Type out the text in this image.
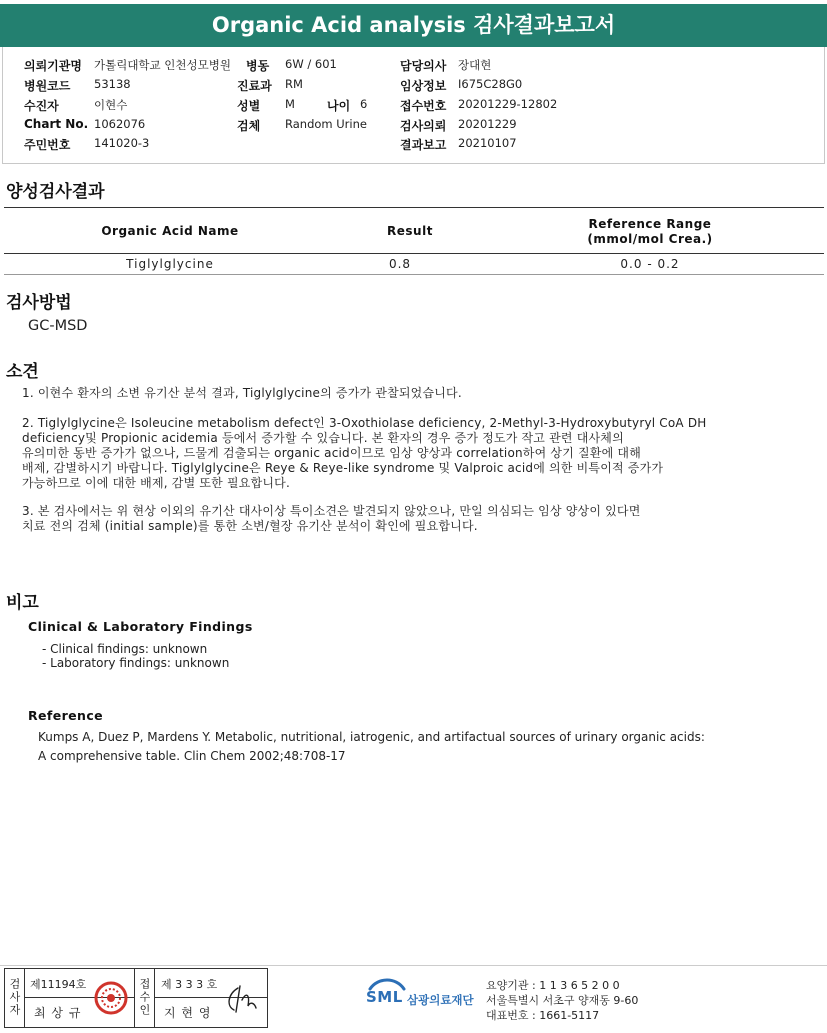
Organic Acid analysis 검사결과보고서
의뢰기관명 가톨릭대학교 인천성모병원 병동 6W / 601	담당의사 장대현
병원코드 53138	진료과 RM	임상정보 I675C28G0
수진자	이현수	성별 M	나이 6	접수번호 20201229-12802
Chart No. 1062076	검체 Random Urine	검사의뢰 20201229
주민번호 141020-3	결과보고 20210107
양성검사결과
Organic Acid Name	Result	Reference Range
(mmol/mol Crea.)
Tiglylglycine	0.8	0.0 - 0.2
검사방법
GC-MSD
소견
1. 이현수 환자의 소변 유기산 분석 결과, Tiglylglycine의 증가가 관찰되었습니다.
2. Tiglylglycine은 Isoleucine metabolism defect인 3-Oxothiolase deficiency, 2-Methyl-3-Hydroxybutyryl CoA DH
deficiency및 Propionic acidemia 등에서 증가할 수 있습니다. 본 환자의 경우 증가 정도가 작고 관련 대사체의
유의미한 동반 증가가 없으나, 드물게 검출되는 organic acid이므로 임상 양상과 correlation하여 상기 질환에 대해
배제, 감별하시기 바랍니다. Tiglylglycine은 Reye & Reye-like syndrome 및 Valproic acid에 의한 비특이적 증가가
가능하므로 이에 대한 배제, 감별 또한 필요합니다.
3. 본 검사에서는 위 현상 이외의 유기산 대사이상 특이소견은 발견되지 않았으나, 만일 의심되는 임상 양상이 있다면
치료 전의 검체 (initial sample)를 통한 소변/혈장 유기산 분석이 확인에 필요합니다.
비고
Clinical & Laboratory Findings
- Clinical findings: unknown
- Laboratory findings: unknown
Reference
Kumps A, Duez P, Mardens Y. Metabolic, nutritional, iatrogenic, and artifactual sources of urinary organic acids:
A comprehensive table. Clin Chem 2002;48:708-17
검사자 제11194호
최 상 규	접수인 제 3 3 3 호
지 현 영
SML 삼광의료재단
요양기관 : 1 1 3 6 5 2 0 0
서울특별시 서초구 양재동 9-60
대표번호 : 1661-5117
